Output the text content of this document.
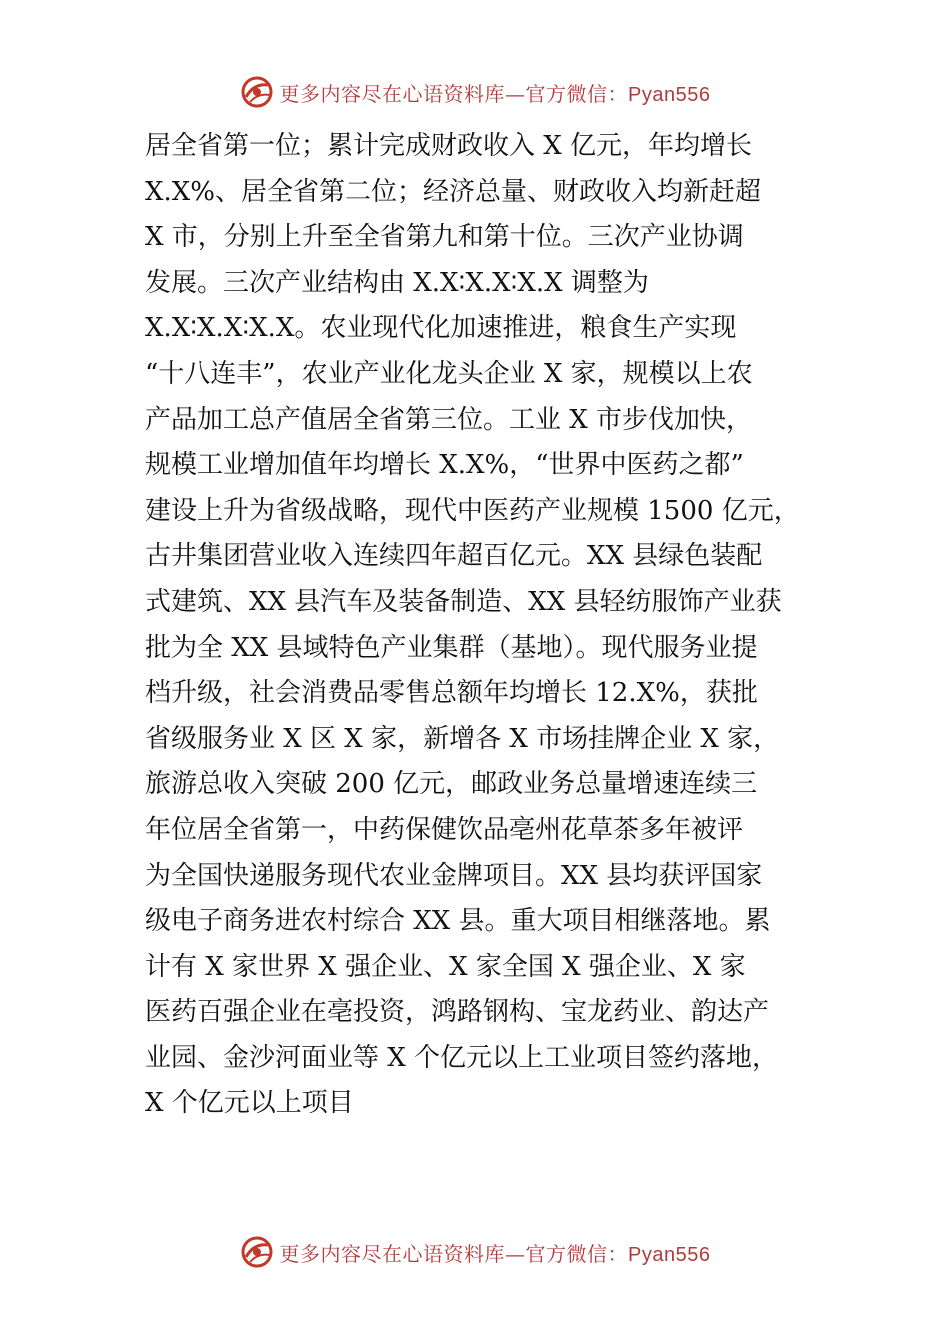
更多内容尽在心语资料库—官方微信：Pyan556
居全省第一位；累计完成财政收入 X 亿元，年均增长
X.X%、居全省第二位；经济总量、财政收入均新赶超
X 市，分别上升至全省第九和第十位。三次产业协调
发展。三次产业结构由 X.X∶X.X∶X.X 调整为
X.X∶X.X∶X.X。农业现代化加速推进，粮食生产实现
“十八连丰”，农业产业化龙头企业 X 家，规模以上农
产品加工总产值居全省第三位。工业 X 市步伐加快，
规模工业增加值年均增长 X.X%，“世界中医药之都”
建设上升为省级战略，现代中医药产业规模 1500 亿元，
古井集团营业收入连续四年超百亿元。XX 县绿色装配
式建筑、XX 县汽车及装备制造、XX 县轻纺服饰产业获
批为全 XX 县域特色产业集群（基地）。现代服务业提
档升级，社会消费品零售总额年均增长 12.X%，获批
省级服务业 X 区 X 家，新增各 X 市场挂牌企业 X 家，
旅游总收入突破 200 亿元，邮政业务总量增速连续三
年位居全省第一，中药保健饮品亳州花草茶多年被评
为全国快递服务现代农业金牌项目。XX 县均获评国家
级电子商务进农村综合 XX 县。重大项目相继落地。累
计有 X 家世界 X 强企业、X 家全国 X 强企业、X 家
医药百强企业在亳投资，鸿路钢构、宝龙药业、韵达产
业园、金沙河面业等 X 个亿元以上工业项目签约落地，
X 个亿元以上项目
更多内容尽在心语资料库—官方微信：Pyan556
